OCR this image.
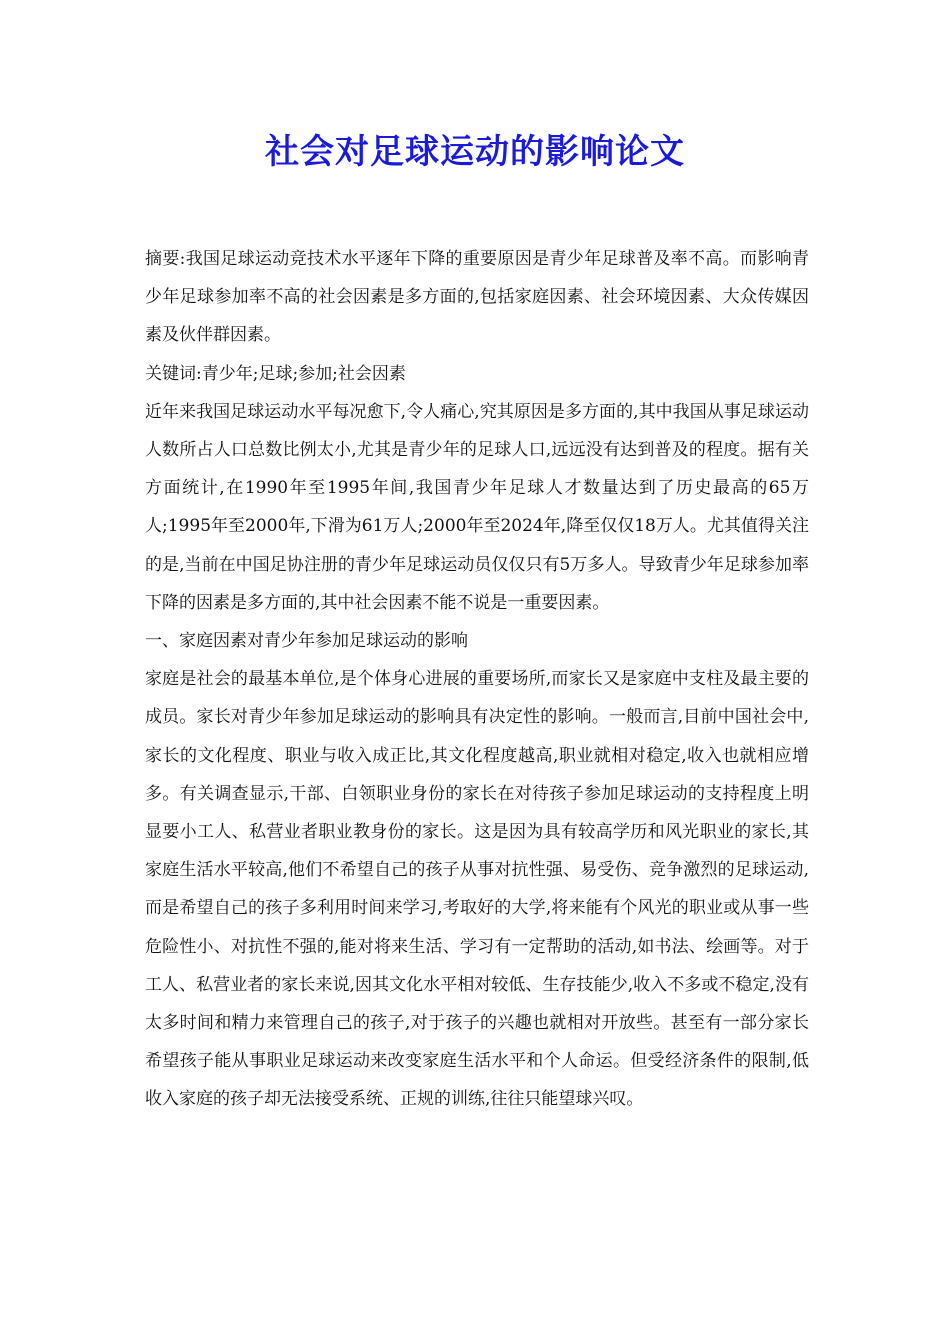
社会对足球运动的影响论文

摘要:我国足球运动竞技术水平逐年下降的重要原因是青少年足球普及率不高。而影响青少年足球参加率不高的社会因素是多方面的,包括家庭因素、社会环境因素、大众传媒因素及伙伴群因素。

关键词:青少年;足球;参加;社会因素

近年来我国足球运动水平每况愈下,令人痛心,究其原因是多方面的,其中我国从事足球运动人数所占人口总数比例太小,尤其是青少年的足球人口,远远没有达到普及的程度。据有关方面统计,在1990年至1995年间,我国青少年足球人才数量达到了历史最高的65万人;1995年至2000年,下滑为61万人;2000年至2024年,降至仅仅18万人。尤其值得关注的是,当前在中国足协注册的青少年足球运动员仅仅只有5万多人。导致青少年足球参加率下降的因素是多方面的,其中社会因素不能不说是一重要因素。

一、家庭因素对青少年参加足球运动的影响

家庭是社会的最基本单位,是个体身心进展的重要场所,而家长又是家庭中支柱及最主要的成员。家长对青少年参加足球运动的影响具有决定性的影响。一般而言,目前中国社会中,家长的文化程度、职业与收入成正比,其文化程度越高,职业就相对稳定,收入也就相应增多。有关调查显示,干部、白领职业身份的家长在对待孩子参加足球运动的支持程度上明显要小工人、私营业者职业教身份的家长。这是因为具有较高学历和风光职业的家长,其家庭生活水平较高,他们不希望自己的孩子从事对抗性强、易受伤、竞争激烈的足球运动,而是希望自己的孩子多利用时间来学习,考取好的大学,将来能有个风光的职业或从事一些危险性小、对抗性不强的,能对将来生活、学习有一定帮助的活动,如书法、绘画等。对于工人、私营业者的家长来说,因其文化水平相对较低、生存技能少,收入不多或不稳定,没有太多时间和精力来管理自己的孩子,对于孩子的兴趣也就相对开放些。甚至有一部分家长希望孩子能从事职业足球运动来改变家庭生活水平和个人命运。但受经济条件的限制,低收入家庭的孩子却无法接受系统、正规的训练,往往只能望球兴叹。
